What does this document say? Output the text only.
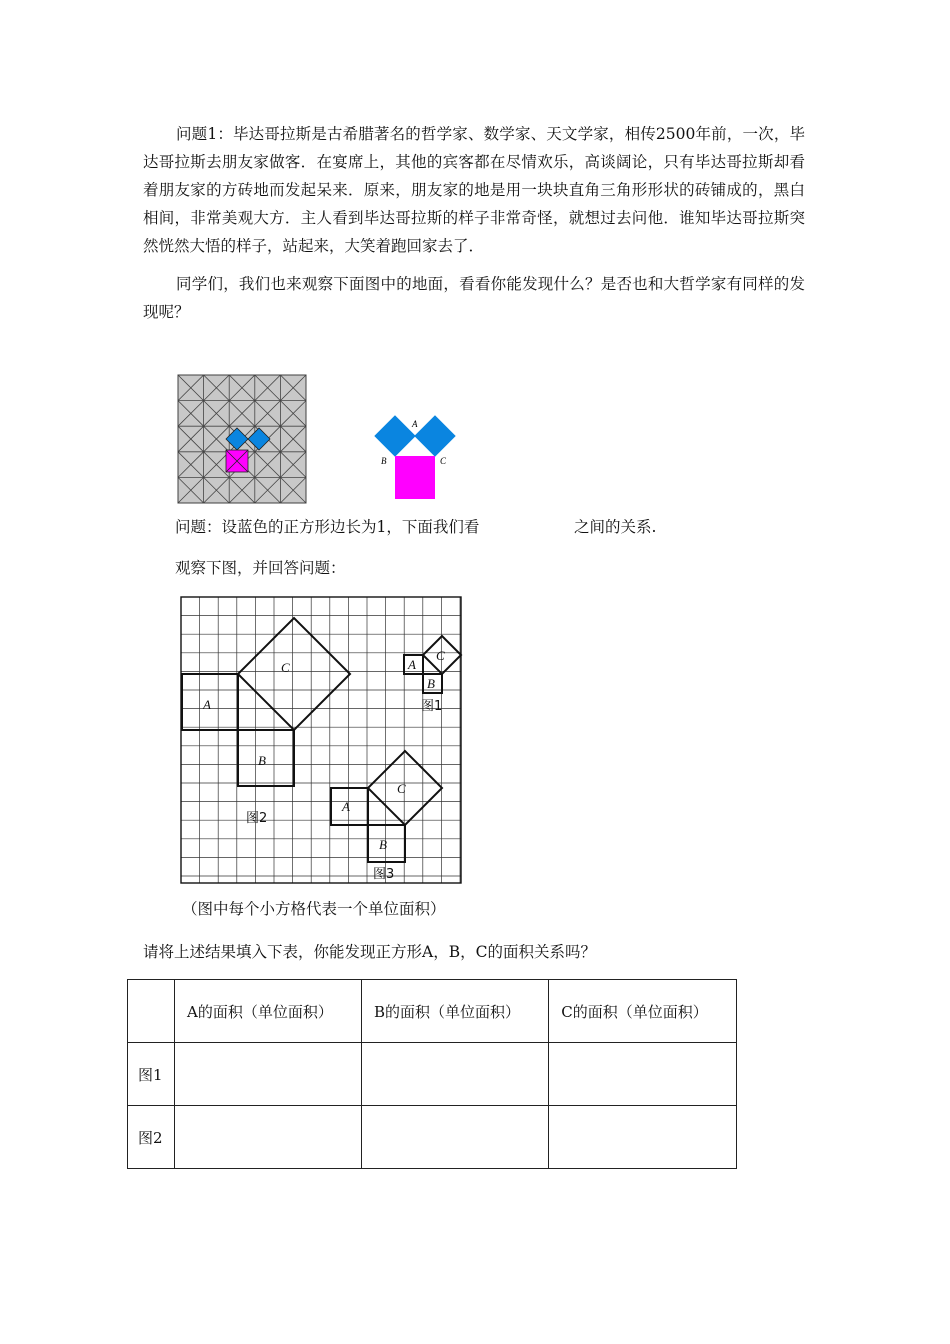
问题1：毕达哥拉斯是古希腊著名的哲学家、数学家、天文学家，相传2500年前，一次，毕达哥拉斯去朋友家做客．在宴席上，其他的宾客都在尽情欢乐，高谈阔论，只有毕达哥拉斯却看着朋友家的方砖地而发起呆来．原来，朋友家的地是用一块块直角三角形形状的砖铺成的，黑白相间，非常美观大方．主人看到毕达哥拉斯的样子非常奇怪，就想过去问他．谁知毕达哥拉斯突然恍然大悟的样子，站起来，大笑着跑回家去了．

同学们，我们也来观察下面图中的地面，看看你能发现什么？是否也和大哲学家有同样的发现呢？

A
B	C
问题：设蓝色的正方形边长为1，下面我们看	之间的关系.
观察下图，并回答问题：
C
A
B
C
A
B
C
A
B
图1
图2
图3
（图中每个小方格代表一个单位面积）
请将上述结果填入下表，你能发现正方形A，B，C的面积关系吗？
	A的面积（单位面积）	B的面积（单位面积）	C的面积（单位面积）
图1			
图2			
